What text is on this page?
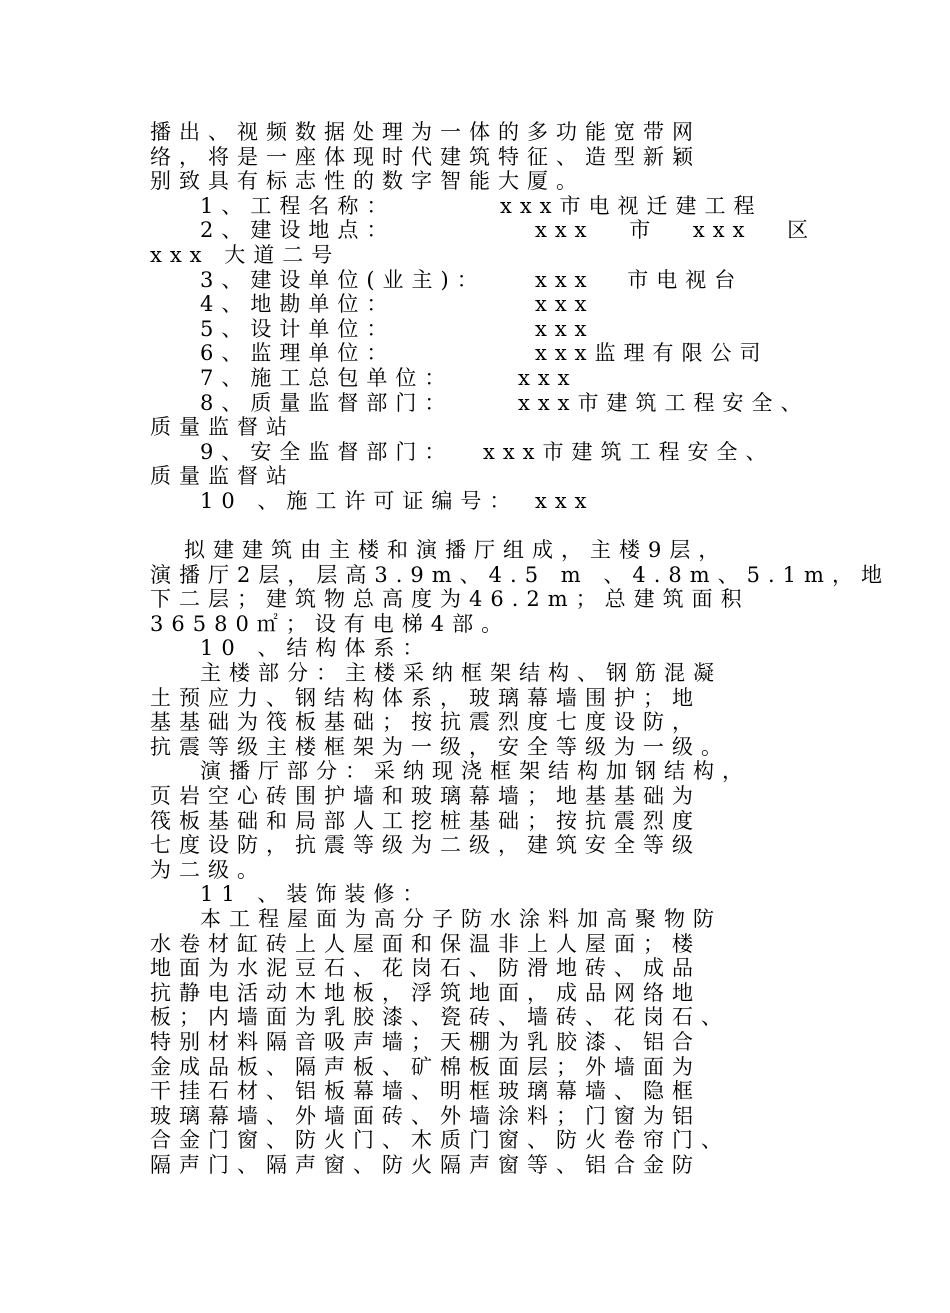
播出、视频数据处理为一体的多功能宽带网
络，将是一座体现时代建筑特征、造型新颖
别致具有标志性的数字智能大厦。
1、工程名称：	xxx市电视迁建工程
2、建设地点：	xxx 市 xxx 区
xxx 大道二号
3、建设单位(业主)： xxx 市电视台
4、地勘单位：	xxx
5、设计单位：	xxx
6、监理单位：	xxx监理有限公司
7、施工总包单位：	xxx
8、质量监督部门：	xxx市建筑工程安全、
质量监督站
9、安全监督部门： xxx市建筑工程安全、
质量监督站
10 、施工许可证编号： xxx
拟建建筑由主楼和演播厅组成，主楼9层，
演播厅2层，层高3.9m、4.5 m 、4.8m、5.1m，地
下二层；建筑物总高度为46.2m；总建筑面积
36580㎡；设有电梯4部。
10 、结构体系：
主楼部分：主楼采纳框架结构、钢筋混凝
土预应力、钢结构体系，玻璃幕墙围护；地
基基础为筏板基础；按抗震烈度七度设防，
抗震等级主楼框架为一级，安全等级为一级。
演播厅部分：采纳现浇框架结构加钢结构，
页岩空心砖围护墙和玻璃幕墙；地基基础为
筏板基础和局部人工挖桩基础；按抗震烈度
七度设防，抗震等级为二级，建筑安全等级
为二级。
11 、装饰装修：
本工程屋面为高分子防水涂料加高聚物防
水卷材缸砖上人屋面和保温非上人屋面；楼
地面为水泥豆石、花岗石、防滑地砖、成品
抗静电活动木地板，浮筑地面，成品网络地
板；内墙面为乳胶漆、瓷砖、墙砖、花岗石、
特别材料隔音吸声墙；天棚为乳胶漆、铝合
金成品板、隔声板、矿棉板面层；外墙面为
干挂石材、铝板幕墙、明框玻璃幕墙、隐框
玻璃幕墙、外墙面砖、外墙涂料；门窗为铝
合金门窗、防火门、木质门窗、防火卷帘门、
隔声门、隔声窗、防火隔声窗等、铝合金防
